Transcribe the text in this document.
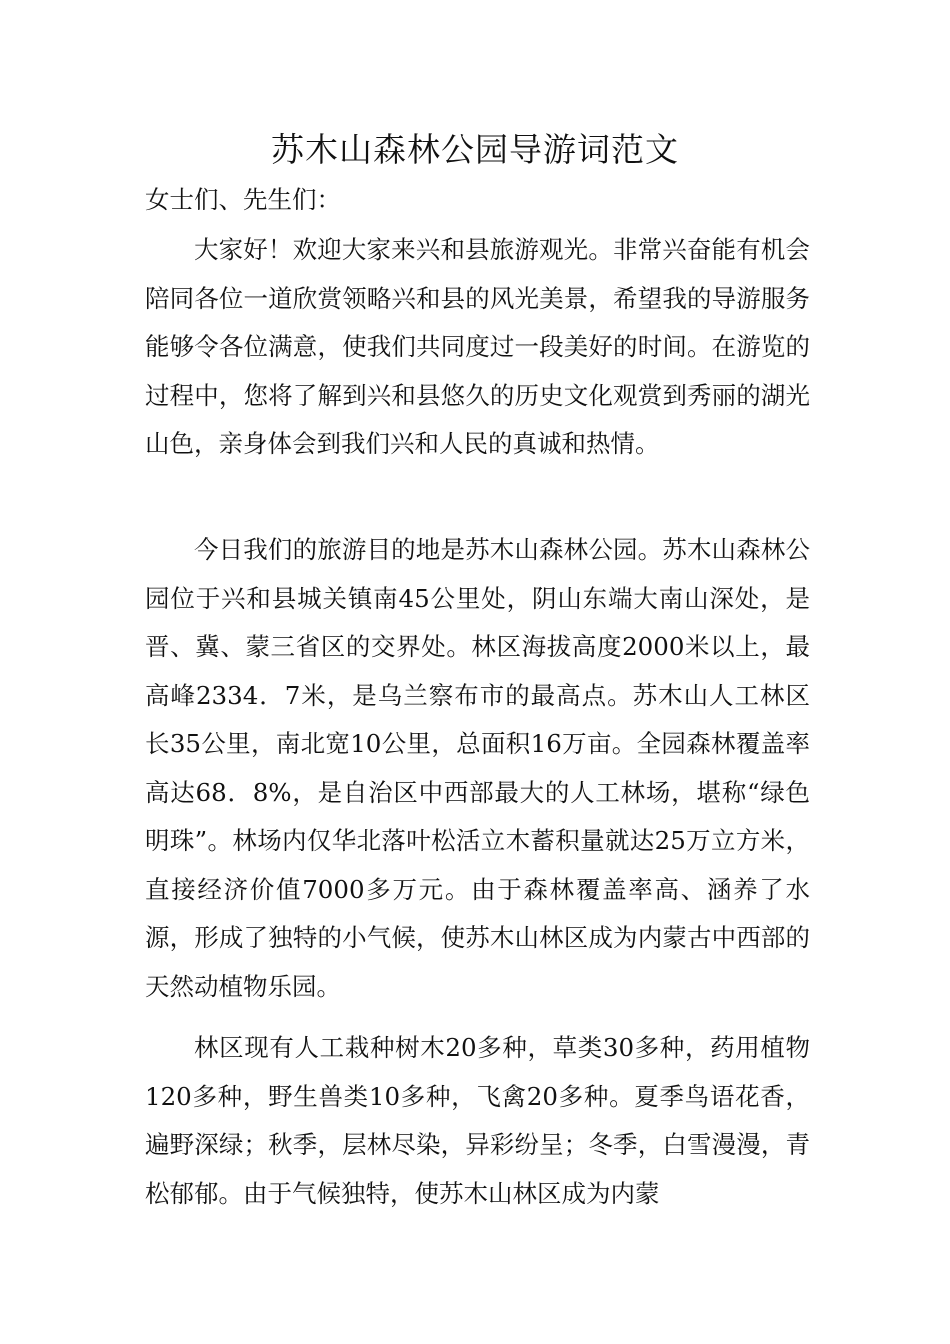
苏木山森林公园导游词范文

女士们、先生们：

大家好！欢迎大家来兴和县旅游观光。非常兴奋能有机会陪同各位一道欣赏领略兴和县的风光美景，希望我的导游服务能够令各位满意，使我们共同度过一段美好的时间。在游览的过程中，您将了解到兴和县悠久的历史文化观赏到秀丽的湖光山色，亲身体会到我们兴和人民的真诚和热情。

今日我们的旅游目的地是苏木山森林公园。苏木山森林公园位于兴和县城关镇南45公里处，阴山东端大南山深处，是晋、冀、蒙三省区的交界处。林区海拔高度2000米以上，最高峰2334．7米，是乌兰察布市的最高点。苏木山人工林区长35公里，南北宽10公里，总面积16万亩。全园森林覆盖率高达68．8%，是自治区中西部最大的人工林场，堪称“绿色明珠”。林场内仅华北落叶松活立木蓄积量就达25万立方米，直接经济价值7000多万元。由于森林覆盖率高、涵养了水源，形成了独特的小气候，使苏木山林区成为内蒙古中西部的天然动植物乐园。

林区现有人工栽种树木20多种，草类30多种，药用植物120多种，野生兽类10多种，飞禽20多种。夏季鸟语花香，遍野深绿；秋季，层林尽染，异彩纷呈；冬季，白雪漫漫，青松郁郁。由于气候独特，使苏木山林区成为内蒙
